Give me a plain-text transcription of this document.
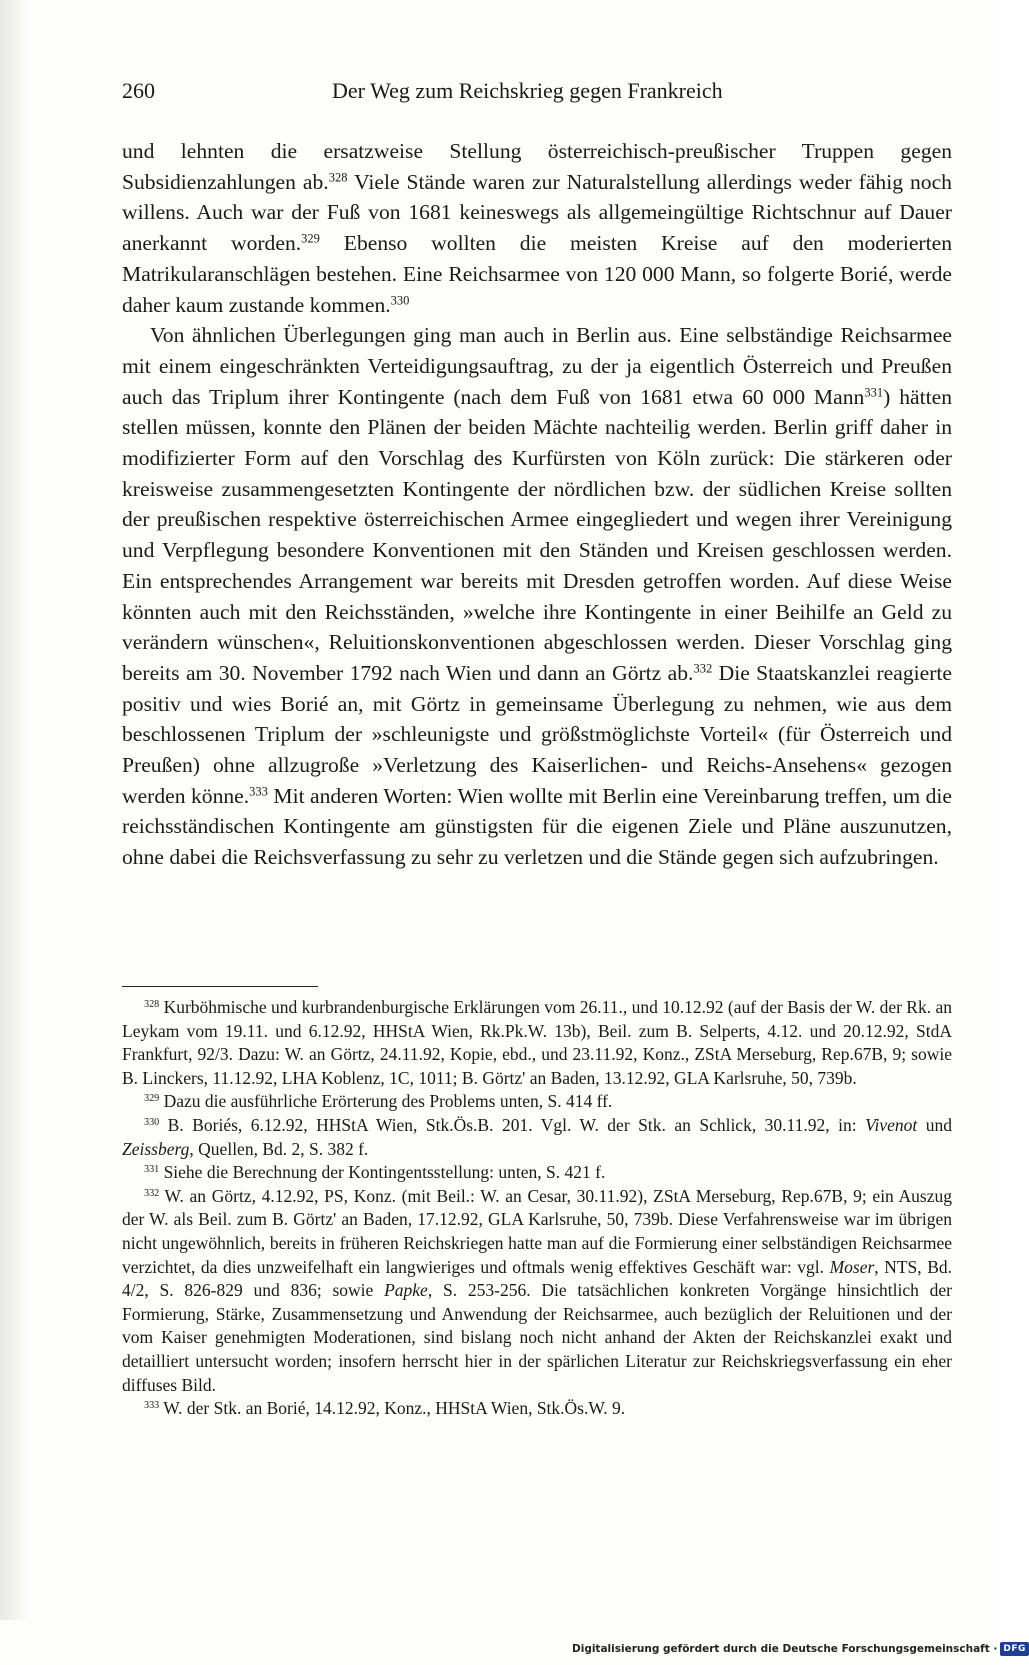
260	Der Weg zum Reichskrieg gegen Frankreich

und lehnten die ersatzweise Stellung österreichisch-preußischer Truppen gegen Subsidienzahlungen ab.$^{328}$ Viele Stände waren zur Naturalstellung allerdings weder fähig noch willens. Auch war der Fuß von 1681 keineswegs als allgemeingültige Richtschnur auf Dauer anerkannt worden.$^{329}$ Ebenso wollten die meisten Kreise auf den moderierten Matrikularanschlägen bestehen. Eine Reichsarmee von 120 000 Mann, so folgerte Borié, werde daher kaum zustande kommen.$^{330}$

Von ähnlichen Überlegungen ging man auch in Berlin aus. Eine selbständige Reichsarmee mit einem eingeschränkten Verteidigungsauftrag, zu der ja eigentlich Österreich und Preußen auch das Triplum ihrer Kontingente (nach dem Fuß von 1681 etwa 60 000 Mann$^{331}$) hätten stellen müssen, konnte den Plänen der beiden Mächte nachteilig werden. Berlin griff daher in modifizierter Form auf den Vorschlag des Kurfürsten von Köln zurück: Die stärkeren oder kreisweise zusammengesetzten Kontingente der nördlichen bzw. der südlichen Kreise sollten der preußischen respektive österreichischen Armee eingegliedert und wegen ihrer Vereinigung und Verpflegung besondere Konventionen mit den Ständen und Kreisen geschlossen werden. Ein entsprechendes Arrangement war bereits mit Dresden getroffen worden. Auf diese Weise könnten auch mit den Reichsständen, »welche ihre Kontingente in einer Beihilfe an Geld zu verändern wünschen«, Reluitionskonventionen abgeschlossen werden. Dieser Vorschlag ging bereits am 30. November 1792 nach Wien und dann an Görtz ab.$^{332}$ Die Staatskanzlei reagierte positiv und wies Borié an, mit Görtz in gemeinsame Überlegung zu nehmen, wie aus dem beschlossenen Triplum der »schleunigste und größstmöglichste Vorteil« (für Österreich und Preußen) ohne allzugroße »Verletzung des Kaiserlichen- und Reichs-Ansehens« gezogen werden könne.$^{333}$ Mit anderen Worten: Wien wollte mit Berlin eine Vereinbarung treffen, um die reichsständischen Kontingente am günstigsten für die eigenen Ziele und Pläne auszunutzen, ohne dabei die Reichsverfassung zu sehr zu verletzen und die Stände gegen sich aufzubringen.

$^{328}$ Kurböhmische und kurbrandenburgische Erklärungen vom 26.11., und 10.12.92 (auf der Basis der W. der Rk. an Leykam vom 19.11. und 6.12.92, HHStA Wien, Rk.Pk.W. 13b), Beil. zum B. Selperts, 4.12. und 20.12.92, StdA Frankfurt, 92/3. Dazu: W. an Görtz, 24.11.92, Kopie, ebd., und 23.11.92, Konz., ZStA Merseburg, Rep.67B, 9; sowie B. Linckers, 11.12.92, LHA Koblenz, 1C, 1011; B. Görtz' an Baden, 13.12.92, GLA Karlsruhe, 50, 739b.

$^{329}$ Dazu die ausführliche Erörterung des Problems unten, S. 414 ff.

$^{330}$ B. Boriés, 6.12.92, HHStA Wien, Stk.Ös.B. 201. Vgl. W. der Stk. an Schlick, 30.11.92, in: Vivenot und Zeissberg, Quellen, Bd. 2, S. 382 f.

$^{331}$ Siehe die Berechnung der Kontingentsstellung: unten, S. 421 f.

$^{332}$ W. an Görtz, 4.12.92, PS, Konz. (mit Beil.: W. an Cesar, 30.11.92), ZStA Merseburg, Rep.67B, 9; ein Auszug der W. als Beil. zum B. Görtz' an Baden, 17.12.92, GLA Karlsruhe, 50, 739b. Diese Verfahrensweise war im übrigen nicht ungewöhnlich, bereits in früheren Reichskriegen hatte man auf die Formierung einer selbständigen Reichsarmee verzichtet, da dies unzweifelhaft ein langwieriges und oftmals wenig effektives Geschäft war: vgl. Moser, NTS, Bd. 4/2, S. 826-829 und 836; sowie Papke, S. 253-256. Die tatsächlichen konkreten Vorgänge hinsichtlich der Formierung, Stärke, Zusammensetzung und Anwendung der Reichsarmee, auch bezüglich der Reluitionen und der vom Kaiser genehmigten Moderationen, sind bislang noch nicht anhand der Akten der Reichskanzlei exakt und detailliert untersucht worden; insofern herrscht hier in der spärlichen Literatur zur Reichskriegsverfassung ein eher diffuses Bild.

$^{333}$ W. der Stk. an Borié, 14.12.92, Konz., HHStA Wien, Stk.Ös.W. 9.

Digitalisierung gefördert durch die Deutsche Forschungsgemeinschaft · DFG
